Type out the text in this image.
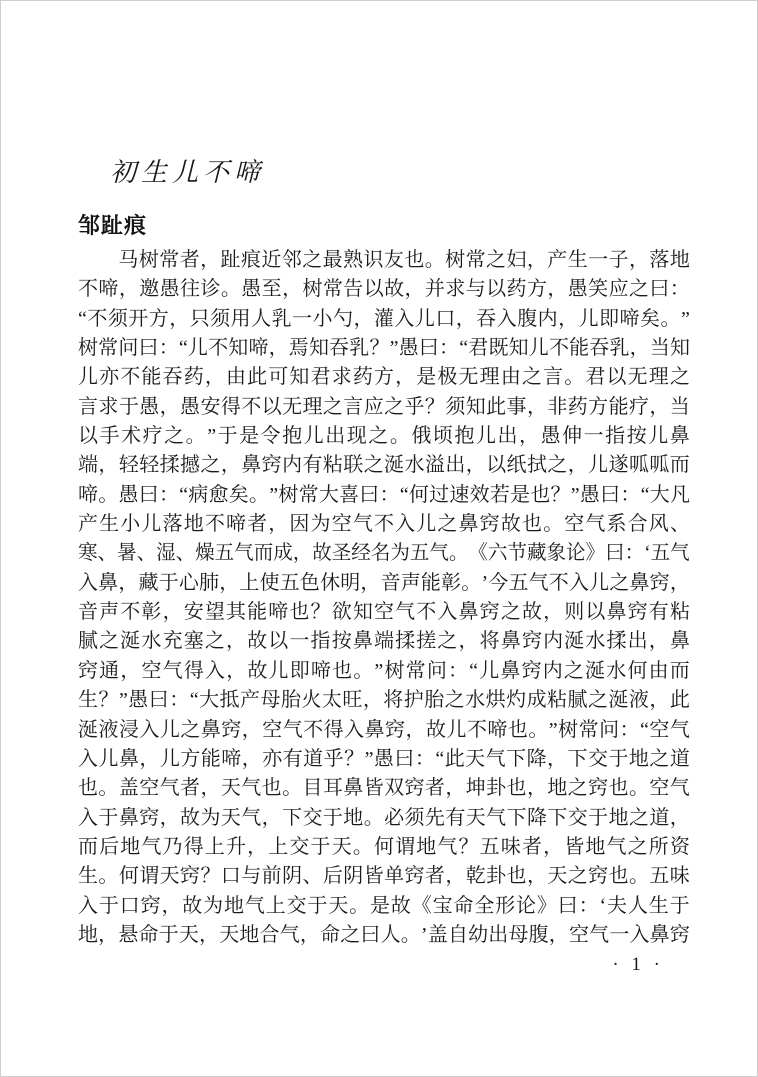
初生儿不啼
邹趾痕
马 树 常 者 ， 趾 痕 近 邻 之 最 熟 识 友 也 。 树 常 之 妇 ， 产 生 一 子 ， 落 地
不 啼 ， 邀 愚 往 诊 。 愚 至 ， 树 常 告 以 故 ， 并 求 与 以 药 方 ， 愚 笑 应 之 曰 ：
“ 不 须 开 方 ， 只 须 用 人 乳 一 小 勺 ， 灌 入 儿 口 ， 吞 入 腹 内 ， 儿 即 啼 矣 。 ”
树 常 问 曰 ： “ 儿 不 知 啼 ， 焉 知 吞 乳 ？ ” 愚 曰 ： “ 君 既 知 儿 不 能 吞 乳 ， 当 知
儿 亦 不 能 吞 药 ， 由 此 可 知 君 求 药 方 ， 是 极 无 理 由 之 言 。 君 以 无 理 之
言 求 于 愚 ， 愚 安 得 不 以 无 理 之 言 应 之 乎 ？ 须 知 此 事 ， 非 药 方 能 疗 ， 当
以 手 术 疗 之 。 ” 于 是 令 抱 儿 出 现 之 。 俄 顷 抱 儿 出 ， 愚 伸 一 指 按 儿 鼻
端 ， 轻 轻 揉 撼 之 ， 鼻 窍 内 有 粘 联 之 涎 水 溢 出 ， 以 纸 拭 之 ， 儿 遂 呱 呱 而
啼 。 愚 曰 ： “ 病 愈 矣 。 ” 树 常 大 喜 曰 ： “ 何 过 速 效 若 是 也 ？ ” 愚 曰 ： “ 大 凡
产 生 小 儿 落 地 不 啼 者 ， 因 为 空 气 不 入 儿 之 鼻 窍 故 也 。 空 气 系 合 风 、
寒 、 暑 、 湿 、 燥 五 气 而 成 ， 故 圣 经 名 为 五 气 。 《 六 节 藏 象 论 》 曰 ： ‘ 五 气
入 鼻 ， 藏 于 心 肺 ， 上 使 五 色 休 明 ， 音 声 能 彰 。 ’ 今 五 气 不 入 儿 之 鼻 窍 ，
音 声 不 彰 ， 安 望 其 能 啼 也 ？ 欲 知 空 气 不 入 鼻 窍 之 故 ， 则 以 鼻 窍 有 粘
腻 之 涎 水 充 塞 之 ， 故 以 一 指 按 鼻 端 揉 搓 之 ， 将 鼻 窍 内 涎 水 揉 出 ， 鼻
窍 通 ， 空 气 得 入 ， 故 儿 即 啼 也 。 ” 树 常 问 ： “ 儿 鼻 窍 内 之 涎 水 何 由 而
生 ？ ” 愚 曰 ： “ 大 抵 产 母 胎 火 太 旺 ， 将 护 胎 之 水 烘 灼 成 粘 腻 之 涎 液 ， 此
涎 液 浸 入 儿 之 鼻 窍 ， 空 气 不 得 入 鼻 窍 ， 故 儿 不 啼 也 。 ” 树 常 问 ： “ 空 气
入 儿 鼻 ， 儿 方 能 啼 ， 亦 有 道 乎 ？ ” 愚 曰 ： “ 此 天 气 下 降 ， 下 交 于 地 之 道
也 。 盖 空 气 者 ， 天 气 也 。 目 耳 鼻 皆 双 窍 者 ， 坤 卦 也 ， 地 之 窍 也 。 空 气
入 于 鼻 窍 ， 故 为 天 气 ， 下 交 于 地 。 必 须 先 有 天 气 下 降 下 交 于 地 之 道 ，
而 后 地 气 乃 得 上 升 ， 上 交 于 天 。 何 谓 地 气 ？ 五 味 者 ， 皆 地 气 之 所 资
生 。 何 谓 天 窍 ？ 口 与 前 阴 、 后 阴 皆 单 窍 者 ， 乾 卦 也 ， 天 之 窍 也 。 五 味
入 于 口 窍 ， 故 为 地 气 上 交 于 天 。 是 故 《 宝 命 全 形 论 》 曰 ： ‘ 夫 人 生 于
地 ， 悬 命 于 天 ， 天 地 合 气 ， 命 之 曰 人 。 ’ 盖 自 幼 出 母 腹 ， 空 气 一 入 鼻 窍
· 1 ·
